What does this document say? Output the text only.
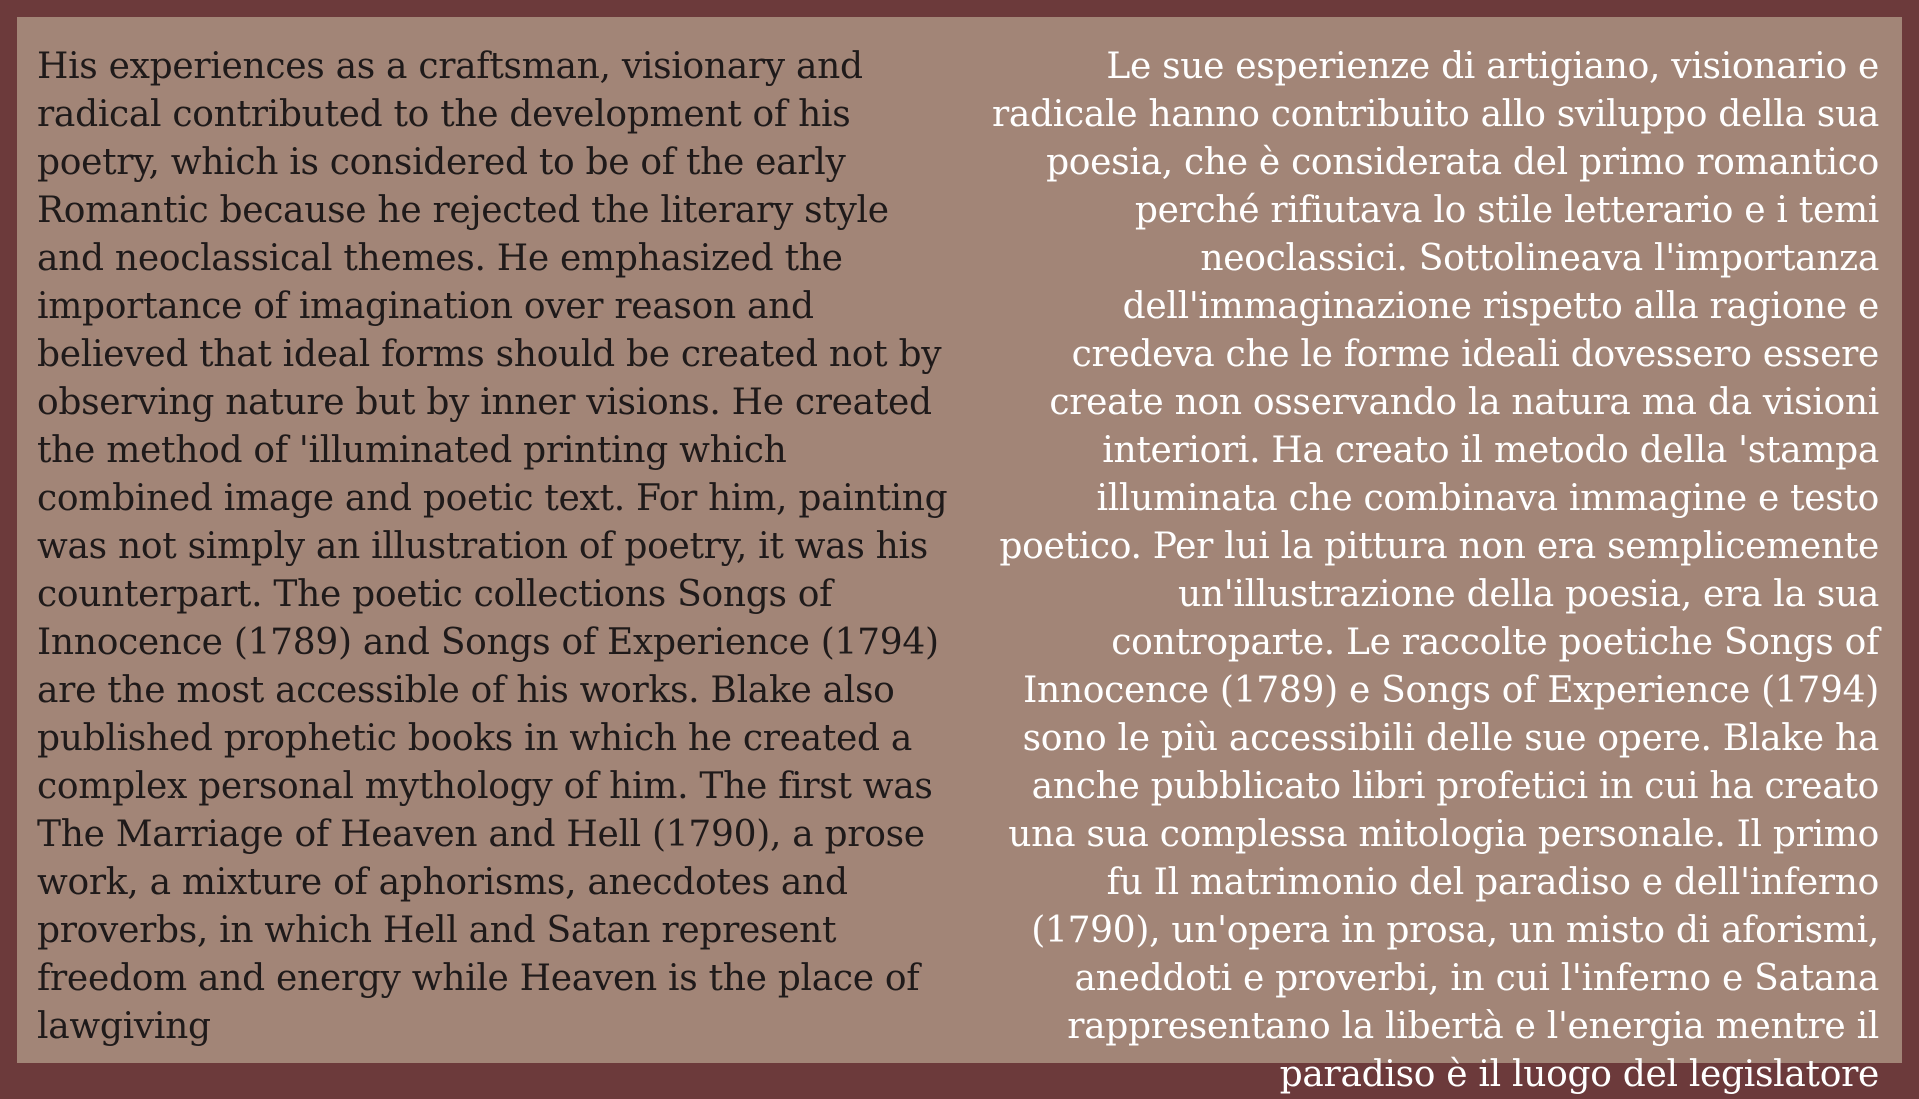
His experiences as a craftsman, visionary and
radical contributed to the development of his
poetry, which is considered to be of the early
Romantic because he rejected the literary style
and neoclassical themes. He emphasized the
importance of imagination over reason and
believed that ideal forms should be created not by
observing nature but by inner visions. He created
the method of 'illuminated printing which
combined image and poetic text. For him, painting
was not simply an illustration of poetry, it was his
counterpart. The poetic collections Songs of
Innocence (1789) and Songs of Experience (1794)
are the most accessible of his works. Blake also
published prophetic books in which he created a
complex personal mythology of him. The first was
The Marriage of Heaven and Hell (1790), a prose
work, a mixture of aphorisms, anecdotes and
proverbs, in which Hell and Satan represent
freedom and energy while Heaven is the place of
lawgiving
Le sue esperienze di artigiano, visionario e
radicale hanno contribuito allo sviluppo della sua
poesia, che è considerata del primo romantico
perché rifiutava lo stile letterario e i temi
neoclassici. Sottolineava l'importanza
dell'immaginazione rispetto alla ragione e
credeva che le forme ideali dovessero essere
create non osservando la natura ma da visioni
interiori. Ha creato il metodo della 'stampa
illuminata che combinava immagine e testo
poetico. Per lui la pittura non era semplicemente
un'illustrazione della poesia, era la sua
controparte. Le raccolte poetiche Songs of
Innocence (1789) e Songs of Experience (1794)
sono le più accessibili delle sue opere. Blake ha
anche pubblicato libri profetici in cui ha creato
una sua complessa mitologia personale. Il primo
fu Il matrimonio del paradiso e dell'inferno
(1790), un'opera in prosa, un misto di aforismi,
aneddoti e proverbi, in cui l'inferno e Satana
rappresentano la libertà e l'energia mentre il
paradiso è il luogo del legislatore
